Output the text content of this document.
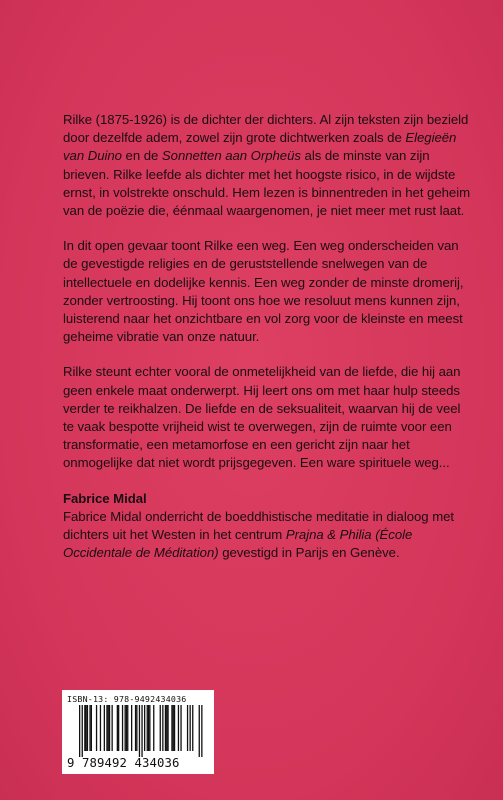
Rilke (1875-1926) is de dichter der dichters. Al zijn teksten zijn bezield door dezelfde adem, zowel zijn grote dichtwerken zoals de Elegieën van Duino en de Sonnetten aan Orpheüs als de minste van zijn brieven. Rilke leefde als dichter met het hoogste risico, in de wijdste ernst, in volstrekte onschuld. Hem lezen is binnentreden in het geheim van de poëzie die, éénmaal waargenomen, je niet meer met rust laat.

In dit open gevaar toont Rilke een weg. Een weg onderscheiden van de gevestigde religies en de geruststellende snelwegen van de intellectuele en dodelijke kennis. Een weg zonder de minste dromerij, zonder vertroosting. Hij toont ons hoe we resoluut mens kunnen zijn, luisterend naar het onzichtbare en vol zorg voor de kleinste en meest geheime vibratie van onze natuur.

Rilke steunt echter vooral de onmetelijkheid van de liefde, die hij aan geen enkele maat onderwerpt. Hij leert ons om met haar hulp steeds verder te reikhalzen. De liefde en de seksualiteit, waarvan hij de veel te vaak bespotte vrijheid wist te overwegen, zijn de ruimte voor een transformatie, een metamorfose en een gericht zijn naar het onmogelijke dat niet wordt prijsgegeven. Een ware spirituele weg...

Fabrice Midal
Fabrice Midal onderricht de boeddhistische meditatie in dialoog met dichters uit het Westen in het centrum Prajna & Philia (École Occidentale de Méditation) gevestigd in Parijs en Genève.

ISBN-13: 978-9492434036
9 789492 434036
